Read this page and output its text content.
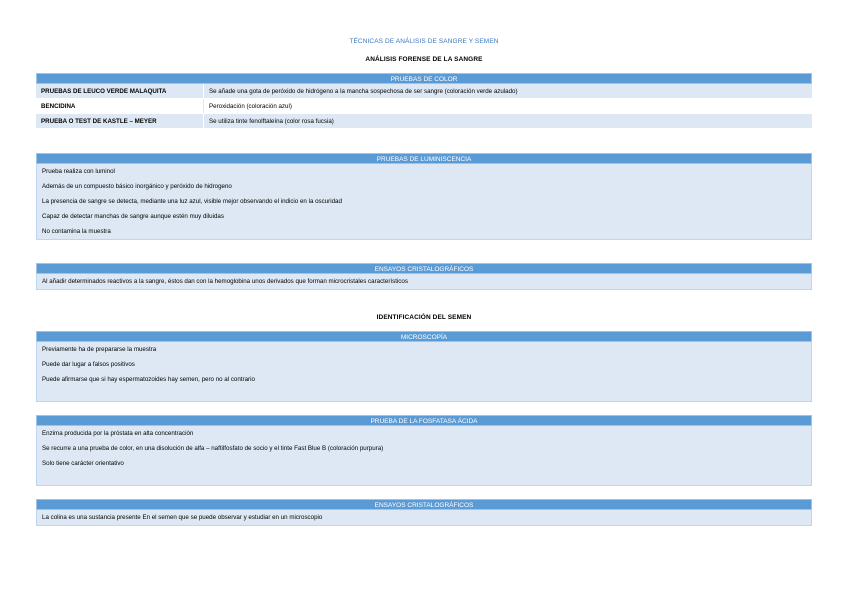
TÉCNICAS DE ANÁLISIS DE SANGRE Y SEMEN
ANÁLISIS FORENSE DE LA SANGRE
PRUEBAS DE COLOR
PRUEBAS DE LEUCO VERDE MALAQUITA	Se añade una gota de peróxido de hidrógeno a la mancha sospechosa de ser sangre (coloración verde azulado)
BENCIDINA	Peroxidación (coloración azul)
PRUEBA O TEST DE KASTLE – MEYER	Se utiliza tinte fenolftaleína (color rosa fucsia)
PRUEBAS DE LUMINISCENCIA
Prueba realiza con luminol
Además de un compuesto básico inorgánico y peróxido de hidrogeno
La presencia de sangre se detecta, mediante una luz azul, visible mejor observando el indicio en la oscuridad
Capaz de detectar manchas de sangre aunque estén muy diluidas
No contamina la muestra
ENSAYOS CRISTALOGRÁFICOS
Al añadir determinados reactivos a la sangre, éstos dan con la hemoglobina unos derivados que forman microcristales característicos
IDENTIFICACIÓN DEL SEMEN
MICROSCOPÍA
Previamente ha de prepararse la muestra
Puede dar lugar a falsos positivos
Puede afirmarse que si hay espermatozoides hay semen, pero no al contrario
PRUEBA DE LA FOSFATASA ÁCIDA
Enzima producida por la próstata en alta concentración
Se recurre a una prueba de color, en una disolución de alfa – naftilfosfato de socio y el tinte Fast Blue B (coloración purpura)
Solo tiene carácter orientativo
ENSAYOS CRISTALOGRÁFICOS
La colina es una sustancia presente En el semen que se puede observar y estudiar en un microscopio
